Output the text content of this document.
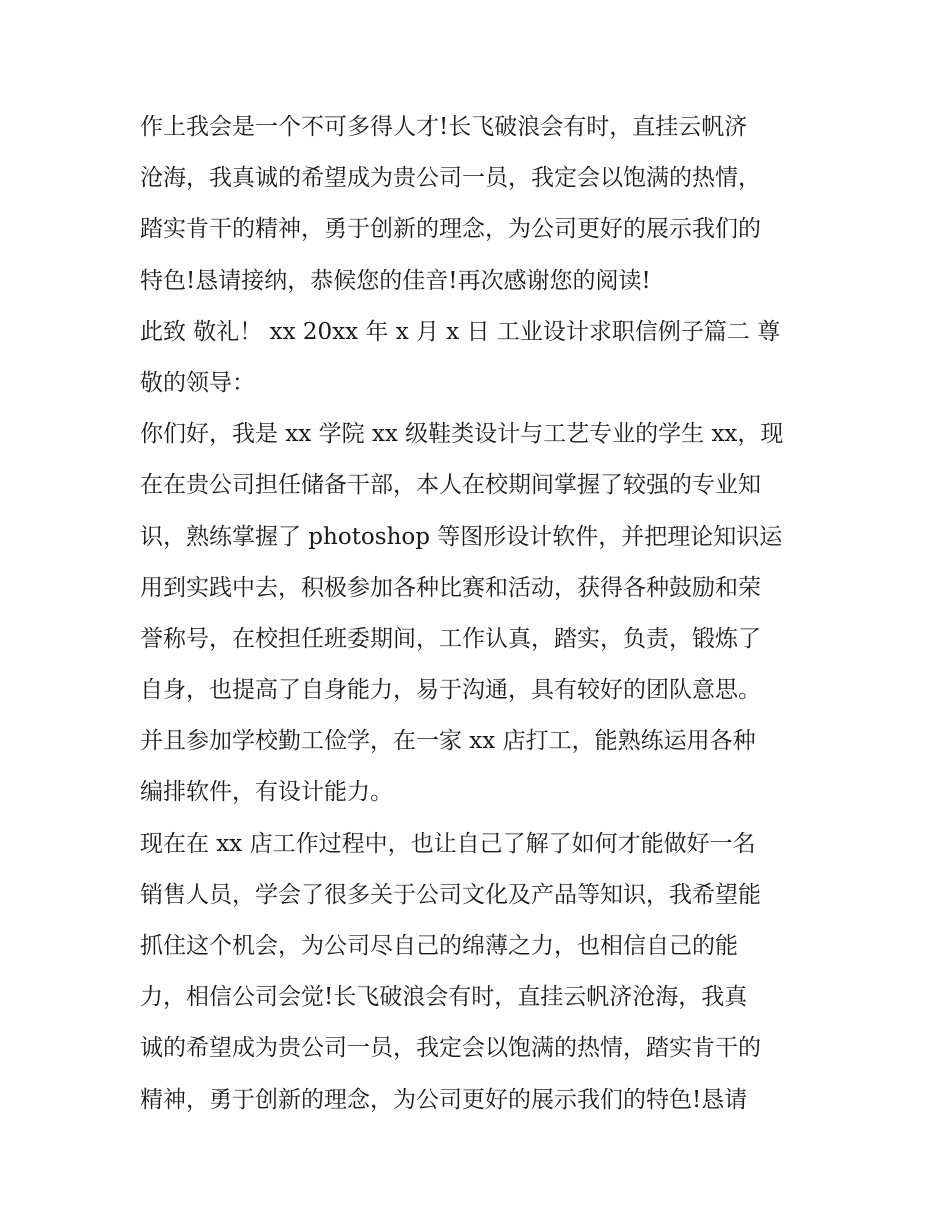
作上我会是一个不可多得人才!长飞破浪会有时，直挂云帆济
沧海，我真诚的希望成为贵公司一员，我定会以饱满的热情，
踏实肯干的精神，勇于创新的理念，为公司更好的展示我们的
特色!恳请接纳，恭候您的佳音!再次感谢您的阅读!
此致 敬礼！ xx 20xx 年 x 月 x 日 工业设计求职信例子篇二 尊
敬的领导：
你们好，我是 xx 学院 xx 级鞋类设计与工艺专业的学生 xx，现
在在贵公司担任储备干部，本人在校期间掌握了较强的专业知
识，熟练掌握了 photoshop 等图形设计软件，并把理论知识运
用到实践中去，积极参加各种比赛和活动，获得各种鼓励和荣
誉称号，在校担任班委期间，工作认真，踏实，负责，锻炼了
自身，也提高了自身能力，易于沟通，具有较好的团队意思。
并且参加学校勤工俭学，在一家 xx 店打工，能熟练运用各种
编排软件，有设计能力。
现在在 xx 店工作过程中，也让自己了解了如何才能做好一名
销售人员，学会了很多关于公司文化及产品等知识，我希望能
抓住这个机会，为公司尽自己的绵薄之力，也相信自己的能
力，相信公司会觉!长飞破浪会有时，直挂云帆济沧海，我真
诚的希望成为贵公司一员，我定会以饱满的热情，踏实肯干的
精神，勇于创新的理念，为公司更好的展示我们的特色!恳请
